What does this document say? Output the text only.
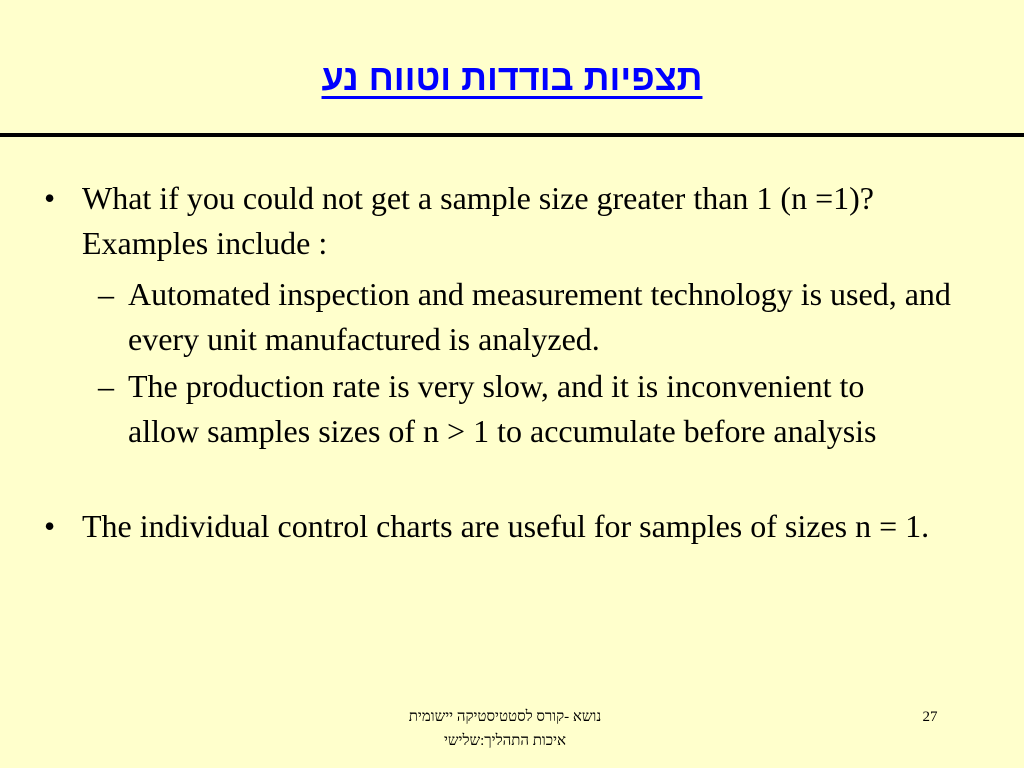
תצפיות בודדות וטווח נע
• What if you could not get a sample size greater than 1 (n =1)? Examples include :
– Automated inspection and measurement technology is used, and every unit manufactured is analyzed.
– The production rate is very slow, and it is inconvenient to allow samples sizes of n > 1 to accumulate before analysis
• The individual control charts are useful for samples of sizes n = 1.
נושא -קורס לסטטיסטיקה יישומית
איכות התהליך:שלישי
27
